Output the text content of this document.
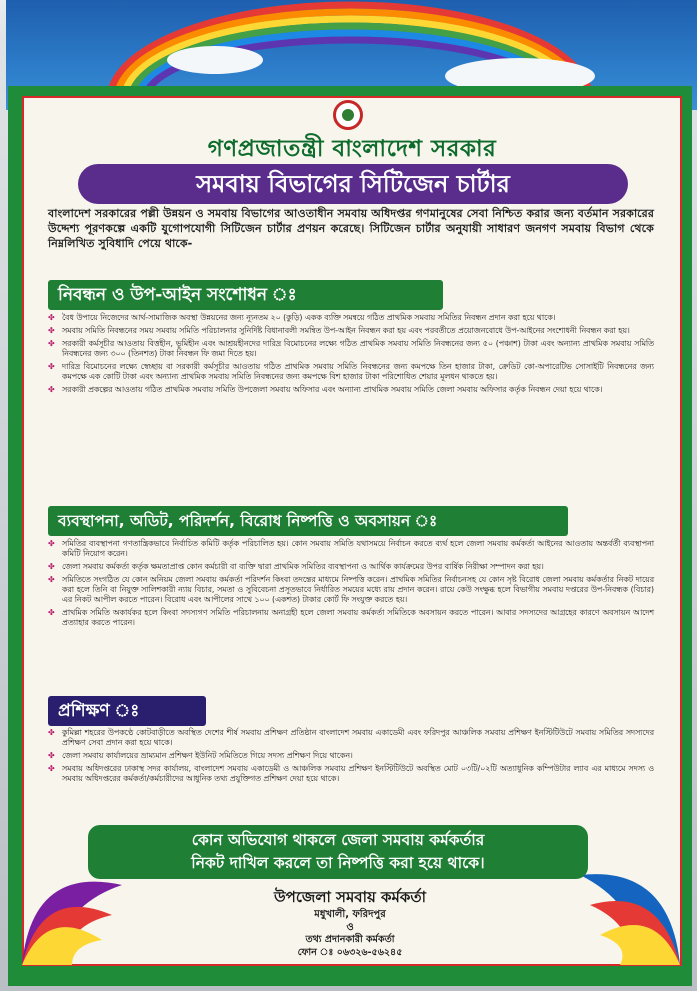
গণপ্রজাতন্ত্রী বাংলাদেশ সরকার
সমবায় বিভাগের সিটিজেন চার্টার
বাংলাদেশ সরকারের পল্লী উন্নয়ন ও সমবায় বিভাগের আওতাধীন সমবায় অধিদপ্তর গণমানুষের সেবা নিশ্চিত করার জন্য বর্তমান সরকারের উদ্দেশ্য পূরণকল্পে একটি যুগোপযোগী সিটিজেন চার্টার প্রণয়ন করেছে। সিটিজেন চার্টার অনুযায়ী সাধারণ জনগণ সমবায় বিভাগ থেকে নিম্নলিখিত সুবিধাদি পেয়ে থাকে-
নিবন্ধন ও উপ-আইন সংশোধন ঃ
✤ বৈধ উপায়ে নিজেদের আর্থ-সামাজিক অবস্থা উন্নয়নের জন্য ন্যূনতম ২০ (কুড়ি) একক ব্যক্তি সমন্বয়ে গঠিত প্রাথমিক সমবায় সমিতির নিবন্ধন প্রদান করা হয়ে থাকে।
✤ সমবায় সমিতি নিবন্ধনের সময় সমবায় সমিতি পরিচালনার সুনির্দিষ্ট বিধানাবলী সমন্বিত উপ-আইন নিবন্ধন করা হয় এবং পরবর্তীতে প্রয়োজনবোধে উপ-আইনের সংশোধনী নিবন্ধন করা হয়।
✤ সরকারী কর্মসূচীর আওতায় বিত্তহীন, ভূমিহীন এবং আশ্রয়হীনদের দারিদ্র বিমোচনের লক্ষ্যে গঠিত প্রাথমিক সমবায় সমিতি নিবন্ধনের জন্য ৫০ (পঞ্চাশ) টাকা এবং অন্যান্য প্রাথমিক সমবায় সমিতি নিবন্ধনের জন্য ৩০০ (তিনশত) টাকা নিবন্ধন ফি জমা দিতে হয়।
✤ দারিদ্র বিমোচনের লক্ষ্যে স্বেচ্ছায় বা সরকারী কর্মসূচীর আওতায় গঠিত প্রাথমিক সমবায় সমিতি নিবন্ধনের জন্য কমপক্ষে তিন হাজার টাকা, ক্রেডিট কো-অপারেটিভ সোসাইটি নিবন্ধনের জন্য কমপক্ষে এক কোটি টাকা এবং অন্যান্য প্রাথমিক সমবায় সমিতি নিবন্ধনের জন্য কমপক্ষে বিশ হাজার টাকা পরিশোধিত শেয়ার মূলধন থাকতে হয়।
✤ সরকারী প্রকল্পের আওতায় গঠিত প্রাথমিক সমবায় সমিতি উপজেলা সমবায় অফিসার এবং অন্যান্য প্রাথমিক সমবায় সমিতি জেলা সমবায় অফিসার কর্তৃক নিবন্ধন দেয়া হয়ে থাকে।
ব্যবস্থাপনা, অডিট, পরিদর্শন, বিরোধ নিষ্পত্তি ও অবসায়ন ঃ
✤ সমিতির ব্যবস্থাপনা গণতান্ত্রিকভাবে নির্বাচিত কমিটি কর্তৃক পরিচালিত হয়। কোন সমবায় সমিতি যথাসময়ে নির্বাচন করতে ব্যর্থ হলে জেলা সমবায় কর্মকর্তা আইনের আওতায় অন্তর্বর্তী ব্যবস্থাপনা কমিটি নিয়োগ করেন।
✤ জেলা সমবায় কর্মকর্তা কর্তৃক ক্ষমতাপ্রাপ্ত কোন কর্মচারী বা ব্যক্তি দ্বারা প্রাথমিক সমিতির ব্যবস্থাপনা ও আর্থিক কার্যক্রমের উপর বার্ষিক নিরীক্ষা সম্পাদন করা হয়।
✤ সমিতিতে সংগঠিত যে কোন অনিয়ম জেলা সমবায় কর্মকর্তা পরিদর্শন কিংবা তদন্তের মাধ্যমে নিষ্পত্তি করেন। প্রাথমিক সমিতির নির্বাচনসহ যে কোন সৃষ্ট বিরোধ জেলা সমবায় কর্মকর্তার নিকট দায়ের করা হলে তিনি বা নিযুক্ত সালিশকারী ন্যায় বিচার, সমতা ও সুবিবেচনা প্রসূতভাবে নির্ধারিত সময়ের মধ্যে রায় প্রদান করেন। রায়ে কেউ সংক্ষুব্ধ হলে বিভাগীয় সমবায় দপ্তরের উপ-নিবন্ধক (বিচার) এর নিকট আপীল করতে পারেন। বিরোধ এবং আপীলের সাথে ১০০ (একশত) টাকার কোর্ট ফি সংযুক্ত করতে হয়।
✤ প্রাথমিক সমিতি অকার্যকর হলে কিংবা সদস্যগণ সমিতি পরিচালনায় অনাগ্রহী হলে জেলা সমবায় কর্মকর্তা সমিতিকে অবসায়ন করতে পারেন। আবার সদস্যদের আগ্রহের কারণে অবসায়ন আদেশ প্রত্যাহার করতে পারেন।
প্রশিক্ষণ ঃ
✤ কুমিল্লা শহরের উপকণ্ঠে কোটবাড়ীতে অবস্থিত দেশের শীর্ষ সমবায় প্রশিক্ষণ প্রতিষ্ঠান বাংলাদেশ সমবায় একাডেমী এবং ফরিদপুর আঞ্চলিক সমবায় প্রশিক্ষণ ইনস্টিটিউটে সমবায় সমিতির সদস্যদের প্রশিক্ষণ সেবা প্রদান করা হয়ে থাকে।
✤ জেলা সমবায় কার্যালয়ের ভ্রাম্যমান প্রশিক্ষণ ইউনিট সমিতিতে গিয়ে সদস্য প্রশিক্ষণ দিয়ে থাকেন।
✤ সমবায় অধিদপ্তরের ঢাকাস্থ সদর কার্যালয়, বাংলাদেশ সমবায় একাডেমী ও আঞ্চলিক সমবায় প্রশিক্ষণ ইনস্টিটিউটে অবস্থিত মোট ০৩টি/০২টি অত্যাধুনিক কম্পিউটার ল্যাব এর মাধ্যমে সদস্য ও সমবায় অধিদপ্তরের কর্মকর্তা/কর্মচারীদের আধুনিক তথ্য প্রযুক্তিগত প্রশিক্ষণ দেয়া হয়ে থাকে।
কোন অভিযোগ থাকলে জেলা সমবায় কর্মকর্তার
নিকট দাখিল করলে তা নিষ্পত্তি করা হয়ে থাকে।
উপজেলা সমবায় কর্মকর্তা
মধুখালী, ফরিদপুর
ও
তথ্য প্রদানকারী কর্মকর্তা
ফোন ঃ ০৬৩২৬-৫৬২৪৫
